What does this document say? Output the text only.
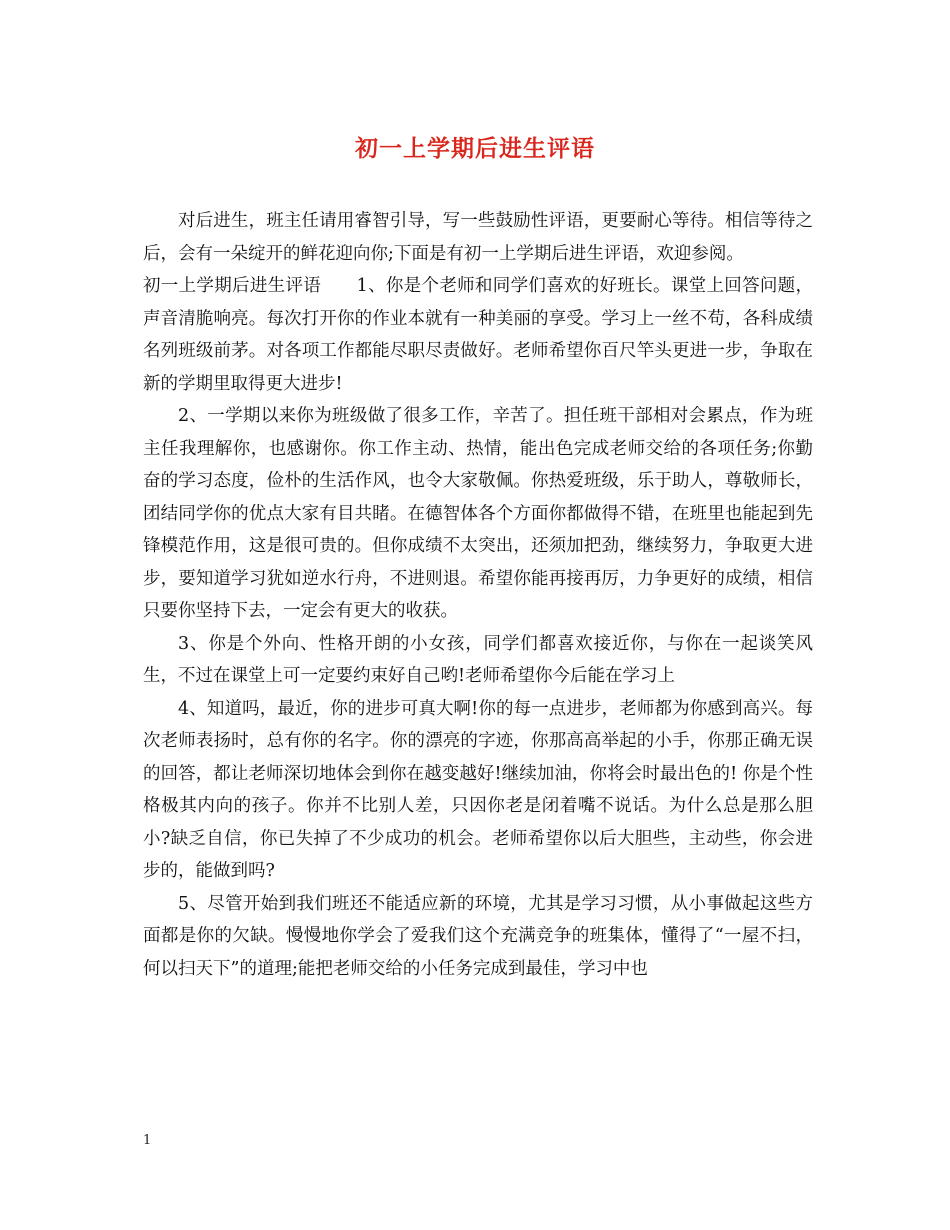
初一上学期后进生评语

对后进生，班主任请用睿智引导，写一些鼓励性评语，更要耐心等待。相信等待之后，会有一朵绽开的鲜花迎向你;下面是有初一上学期后进生评语，欢迎参阅。

初一上学期后进生评语　　1、你是个老师和同学们喜欢的好班长。课堂上回答问题，声音清脆响亮。每次打开你的作业本就有一种美丽的享受。学习上一丝不苟，各科成绩名列班级前茅。对各项工作都能尽职尽责做好。老师希望你百尺竿头更进一步，争取在新的学期里取得更大进步!

2、一学期以来你为班级做了很多工作，辛苦了。担任班干部相对会累点，作为班主任我理解你，也感谢你。你工作主动、热情，能出色完成老师交给的各项任务;你勤奋的学习态度，俭朴的生活作风，也令大家敬佩。你热爱班级，乐于助人，尊敬师长，团结同学你的优点大家有目共睹。在德智体各个方面你都做得不错，在班里也能起到先锋模范作用，这是很可贵的。但你成绩不太突出，还须加把劲，继续努力，争取更大进步，要知道学习犹如逆水行舟，不进则退。希望你能再接再厉，力争更好的成绩，相信只要你坚持下去，一定会有更大的收获。

3、你是个外向、性格开朗的小女孩，同学们都喜欢接近你，与你在一起谈笑风生，不过在课堂上可一定要约束好自己哟!老师希望你今后能在学习上

4、知道吗，最近，你的进步可真大啊!你的每一点进步，老师都为你感到高兴。每次老师表扬时，总有你的名字。你的漂亮的字迹，你那高高举起的小手，你那正确无误的回答，都让老师深切地体会到你在越变越好!继续加油，你将会时最出色的! 你是个性格极其内向的孩子。你并不比别人差，只因你老是闭着嘴不说话。为什么总是那么胆小?缺乏自信，你已失掉了不少成功的机会。老师希望你以后大胆些，主动些，你会进步的，能做到吗?

5、尽管开始到我们班还不能适应新的环境，尤其是学习习惯，从小事做起这些方面都是你的欠缺。慢慢地你学会了爱我们这个充满竞争的班集体，懂得了“一屋不扫，何以扫天下”的道理;能把老师交给的小任务完成到最佳，学习中也

1
